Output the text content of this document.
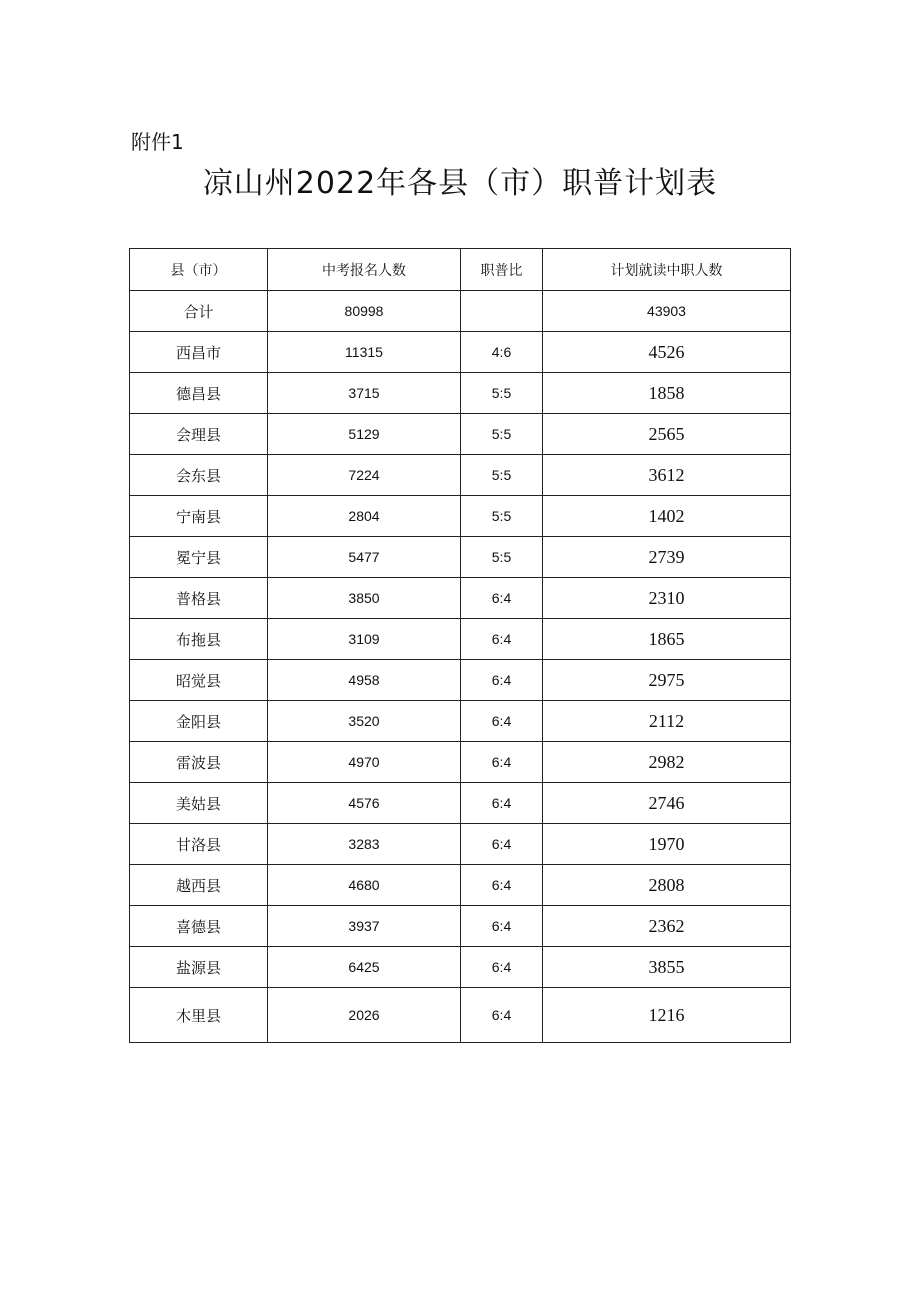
附件1
凉山州2022年各县（市）职普计划表
县（市）	中考报名人数	职普比	计划就读中职人数
合计	80998		43903
西昌市	11315	4:6	4526
德昌县	3715	5:5	1858
会理县	5129	5:5	2565
会东县	7224	5:5	3612
宁南县	2804	5:5	1402
冕宁县	5477	5:5	2739
普格县	3850	6:4	2310
布拖县	3109	6:4	1865
昭觉县	4958	6:4	2975
金阳县	3520	6:4	2112
雷波县	4970	6:4	2982
美姑县	4576	6:4	2746
甘洛县	3283	6:4	1970
越西县	4680	6:4	2808
喜德县	3937	6:4	2362
盐源县	6425	6:4	3855
木里县	2026	6:4	1216
